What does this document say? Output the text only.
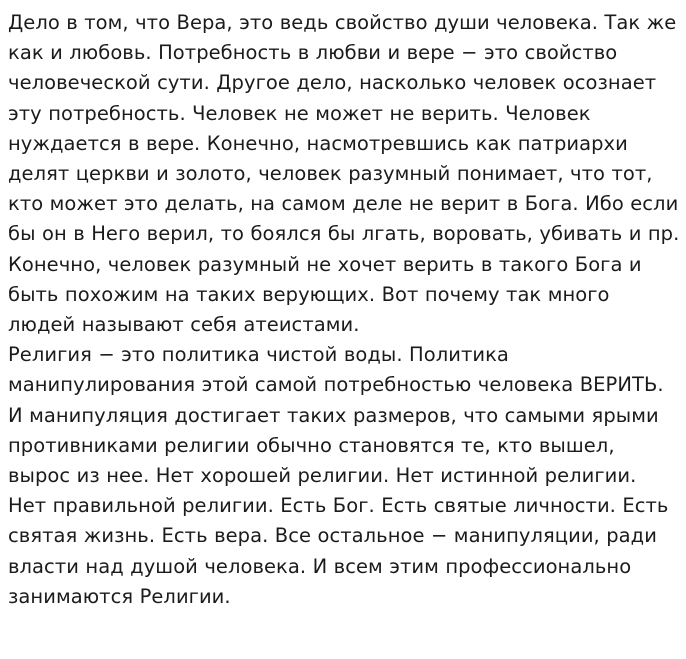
Дело в том, что Вера, это ведь свойство души человека. Так же как и любовь. Потребность в любви и вере − это свойство человеческой сути. Другое дело, насколько человек осознает эту потребность. Человек не может не верить. Человек нуждается в вере. Конечно, насмотревшись как патриархи делят церкви и золото, человек разумный понимает, что тот, кто может это делать, на самом деле не верит в Бога. Ибо если бы он в Него верил, то боялся бы лгать, воровать, убивать и пр. Конечно, человек разумный не хочет верить в такого Бога и быть похожим на таких верующих. Вот почему так много людей называют себя атеистами.

Религия − это политика чистой воды. Политика манипулирования этой самой потребностью человека ВЕРИТЬ. И манипуляция достигает таких размеров, что самыми ярыми противниками религии обычно становятся те, кто вышел, вырос из нее. Нет хорошей религии. Нет истинной религии. Нет правильной религии. Есть Бог. Есть святые личности. Есть святая жизнь. Есть вера. Все остальное − манипуляции, ради власти над душой человека. И всем этим профессионально занимаются Религии.
